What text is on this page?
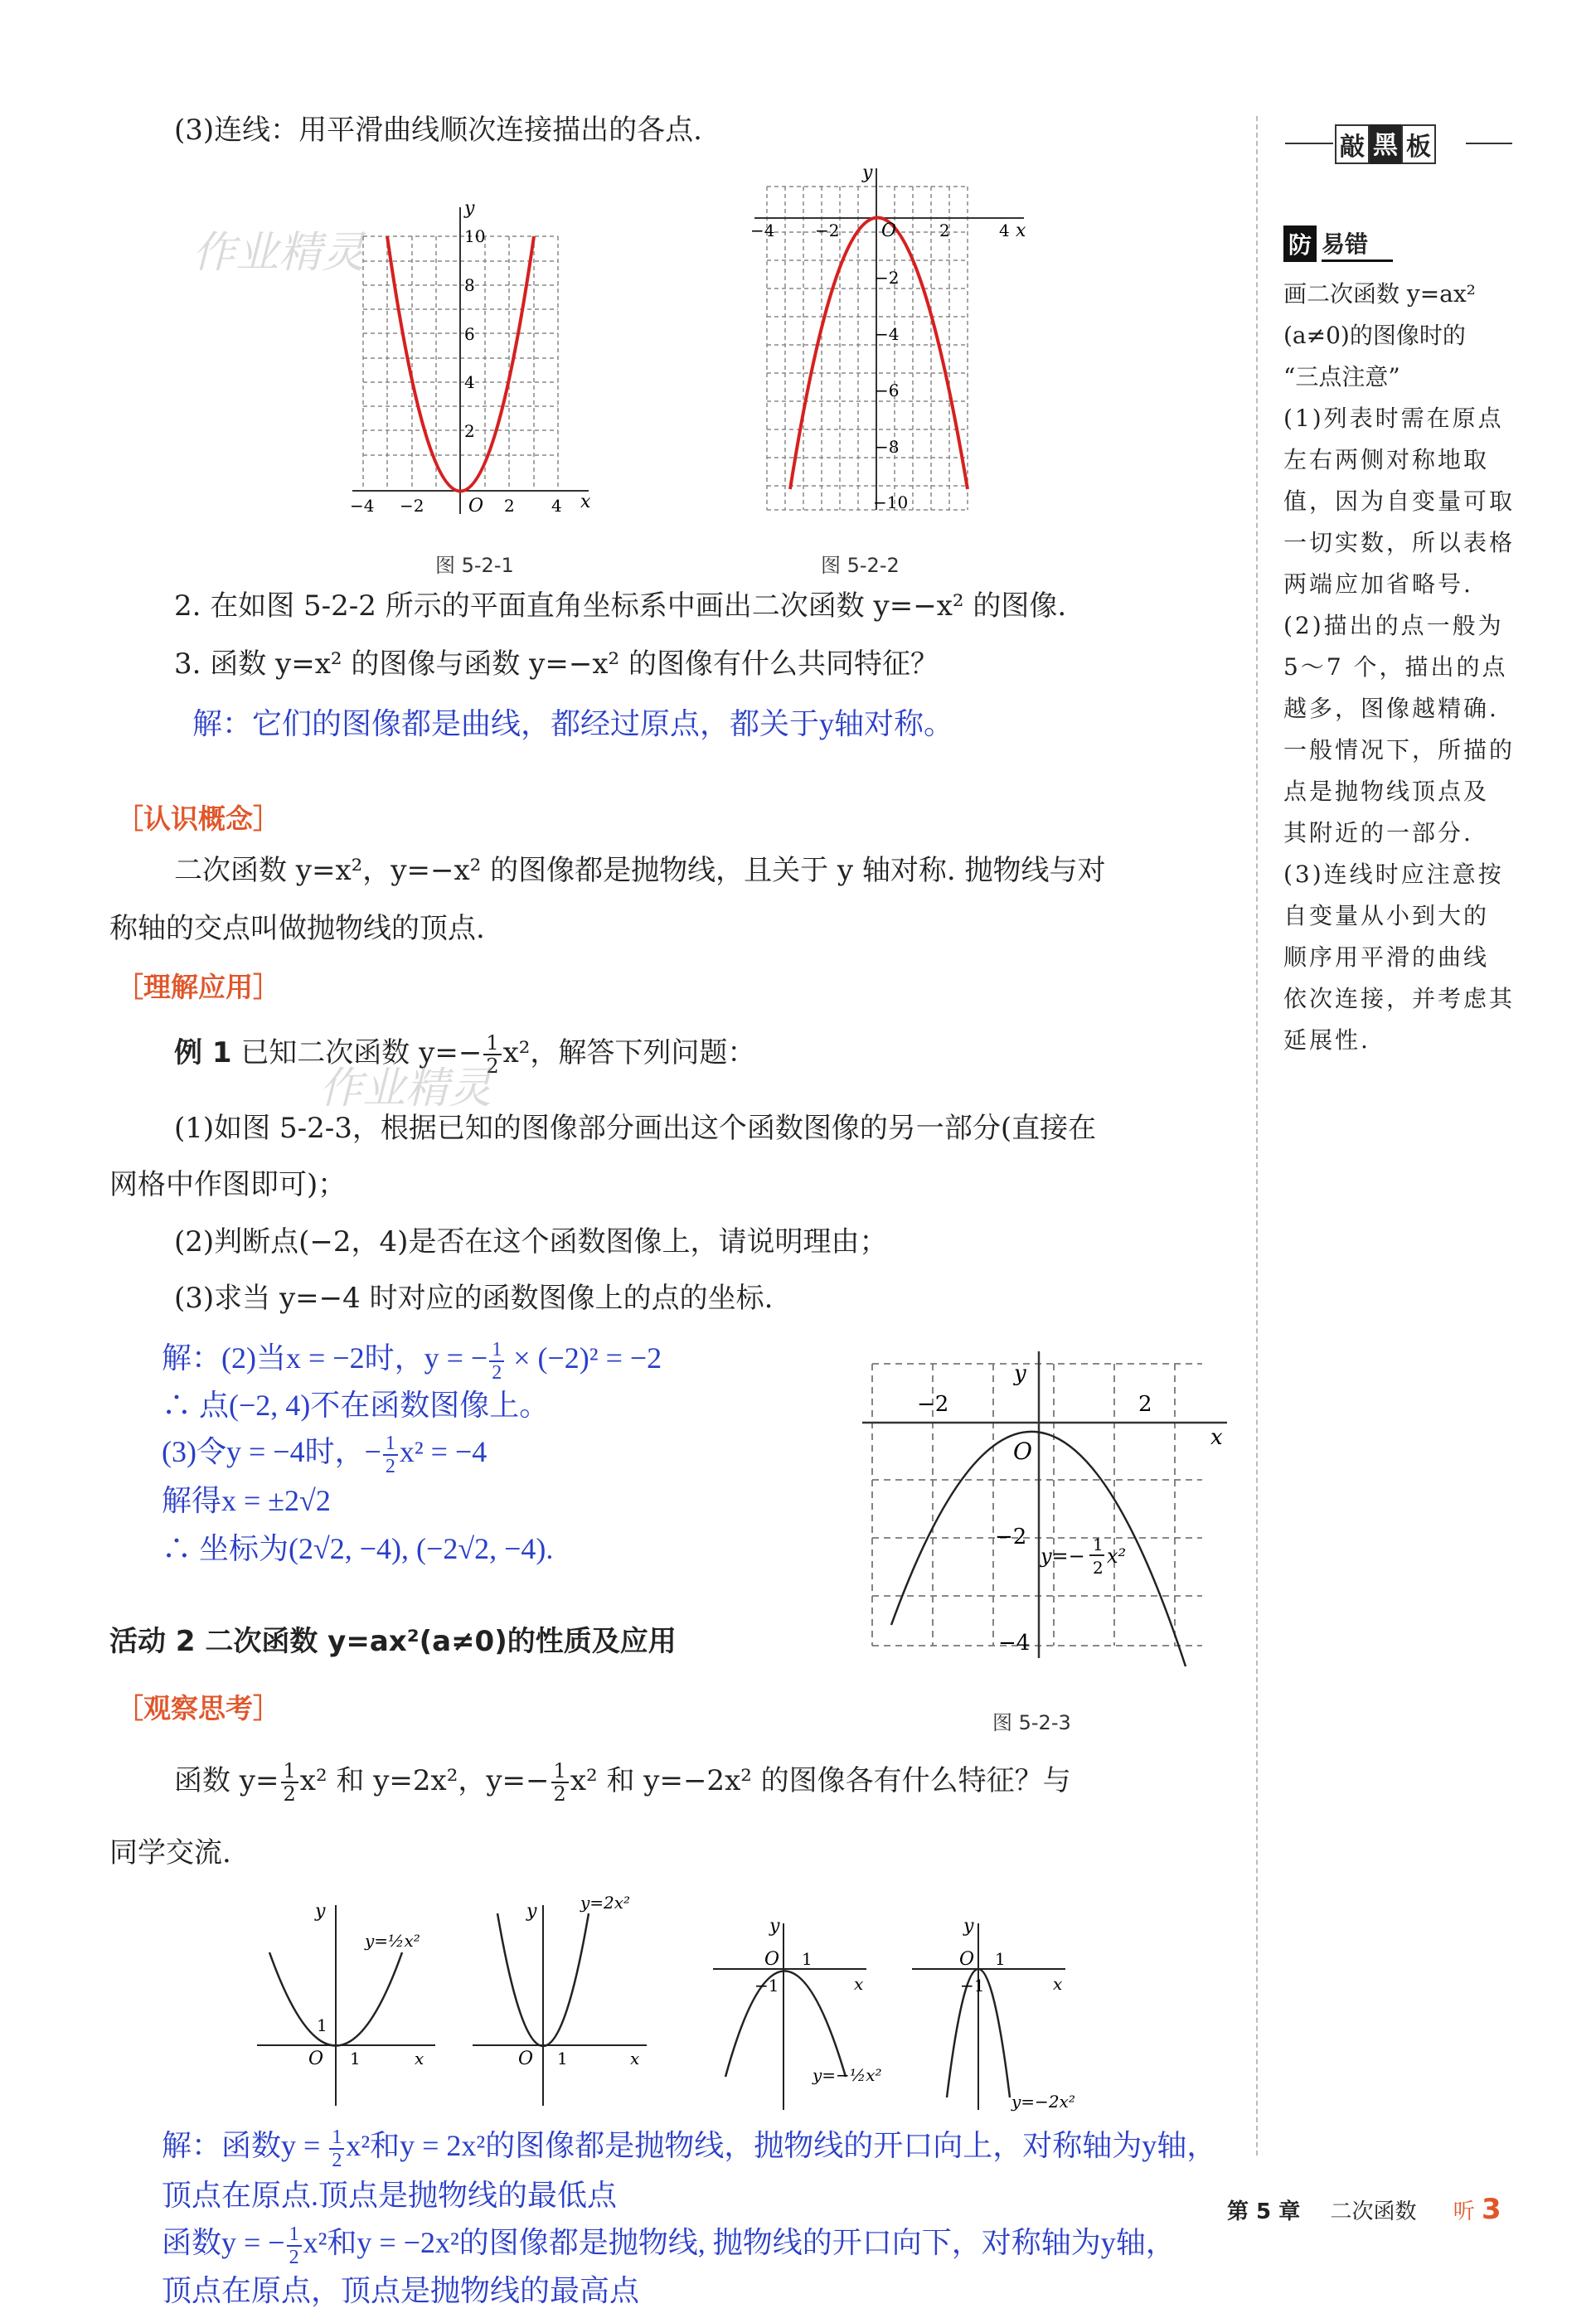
(3)连线：用平滑曲线顺次连接描出的各点.
作业精灵
y
x
10
8
6
4
2
−4 −2 O 2 4
图 5-2-1
y
x
−4 −2 O	2	4
−2
−4
−6
−8
−10
图 5-2-2
2. 在如图 5-2-2 所示的平面直角坐标系中画出二次函数 y=−x² 的图像.
3. 函数 y=x² 的图像与函数 y=−x² 的图像有什么共同特征？
解：它们的图像都是曲线，都经过原点，都关于y轴对称。
［认识概念］
二次函数 y=x²，y=−x² 的图像都是抛物线，且关于 y 轴对称. 抛物线与对
称轴的交点叫做抛物线的顶点.
［理解应用］
例 1 已知二次函数 $y=- \frac{1}{2} x^2$，解答下列问题：
作业精灵
(1)如图 5-2-3，根据已知的图像部分画出这个函数图像的另一部分(直接在
网格中作图即可)；
(2)判断点(−2，4)是否在这个函数图像上，请说明理由；
(3)求当 y=−4 时对应的函数图像上的点的坐标.
解：(2)当x = −2时，y = − $\frac{1}{2} \times (-2)^2 = -2$
∴ 点(−2, 4)不在函数图像上。
(3)令y = −4时，− $\frac{1}{2} x^2 = -4$
解得x = ±2√2
∴ 坐标为(2√2, −4), (−2√2, −4).
y
x
−2	2
O
−2
−4
y=− 1
2 x²
图 5-2-3
活动 2 二次函数 y=ax²(a≠0)的性质及应用
［观察思考］
函数 $y= \frac{1}{2} x^2$ 和 y=2x²，$y=- \frac{1}{2} x^2$ 和 y=−2x² 的图像各有什么特征？与
同学交流.
y
x
O 1
1
y=½x²
y
x
O 1
y=2x²
y
x
O 1
−1
y=−½x²
y
x
O 1
−1
y=−2x²
解：函数$y = \frac{1}{2} x^2$和y = 2x²的图像都是抛物线，抛物线的开口向上，对称轴为y轴，
顶点在原点.顶点是抛物线的最低点
函数y = − $\frac{1}{2} x^2$和y = −2x²的图像都是抛物线, 抛物线的开口向下，对称轴为y轴，
顶点在原点，顶点是抛物线的最高点
第 5 章 二次函数 听 3
敲 黑 板
防 易错
画二次函数 y=ax²
(a≠0)的图像时的
“三点注意”
(1)列表时需在原点
左右两侧对称地取
值，因为自变量可取
一切实数，所以表格
两端应加省略号.
(2)描出的点一般为
5～7 个，描出的点
越多，图像越精确.
一般情况下，所描的
点是抛物线顶点及
其附近的一部分.
(3)连线时应注意按
自变量从小到大的
顺序用平滑的曲线
依次连接，并考虑其
延展性.
